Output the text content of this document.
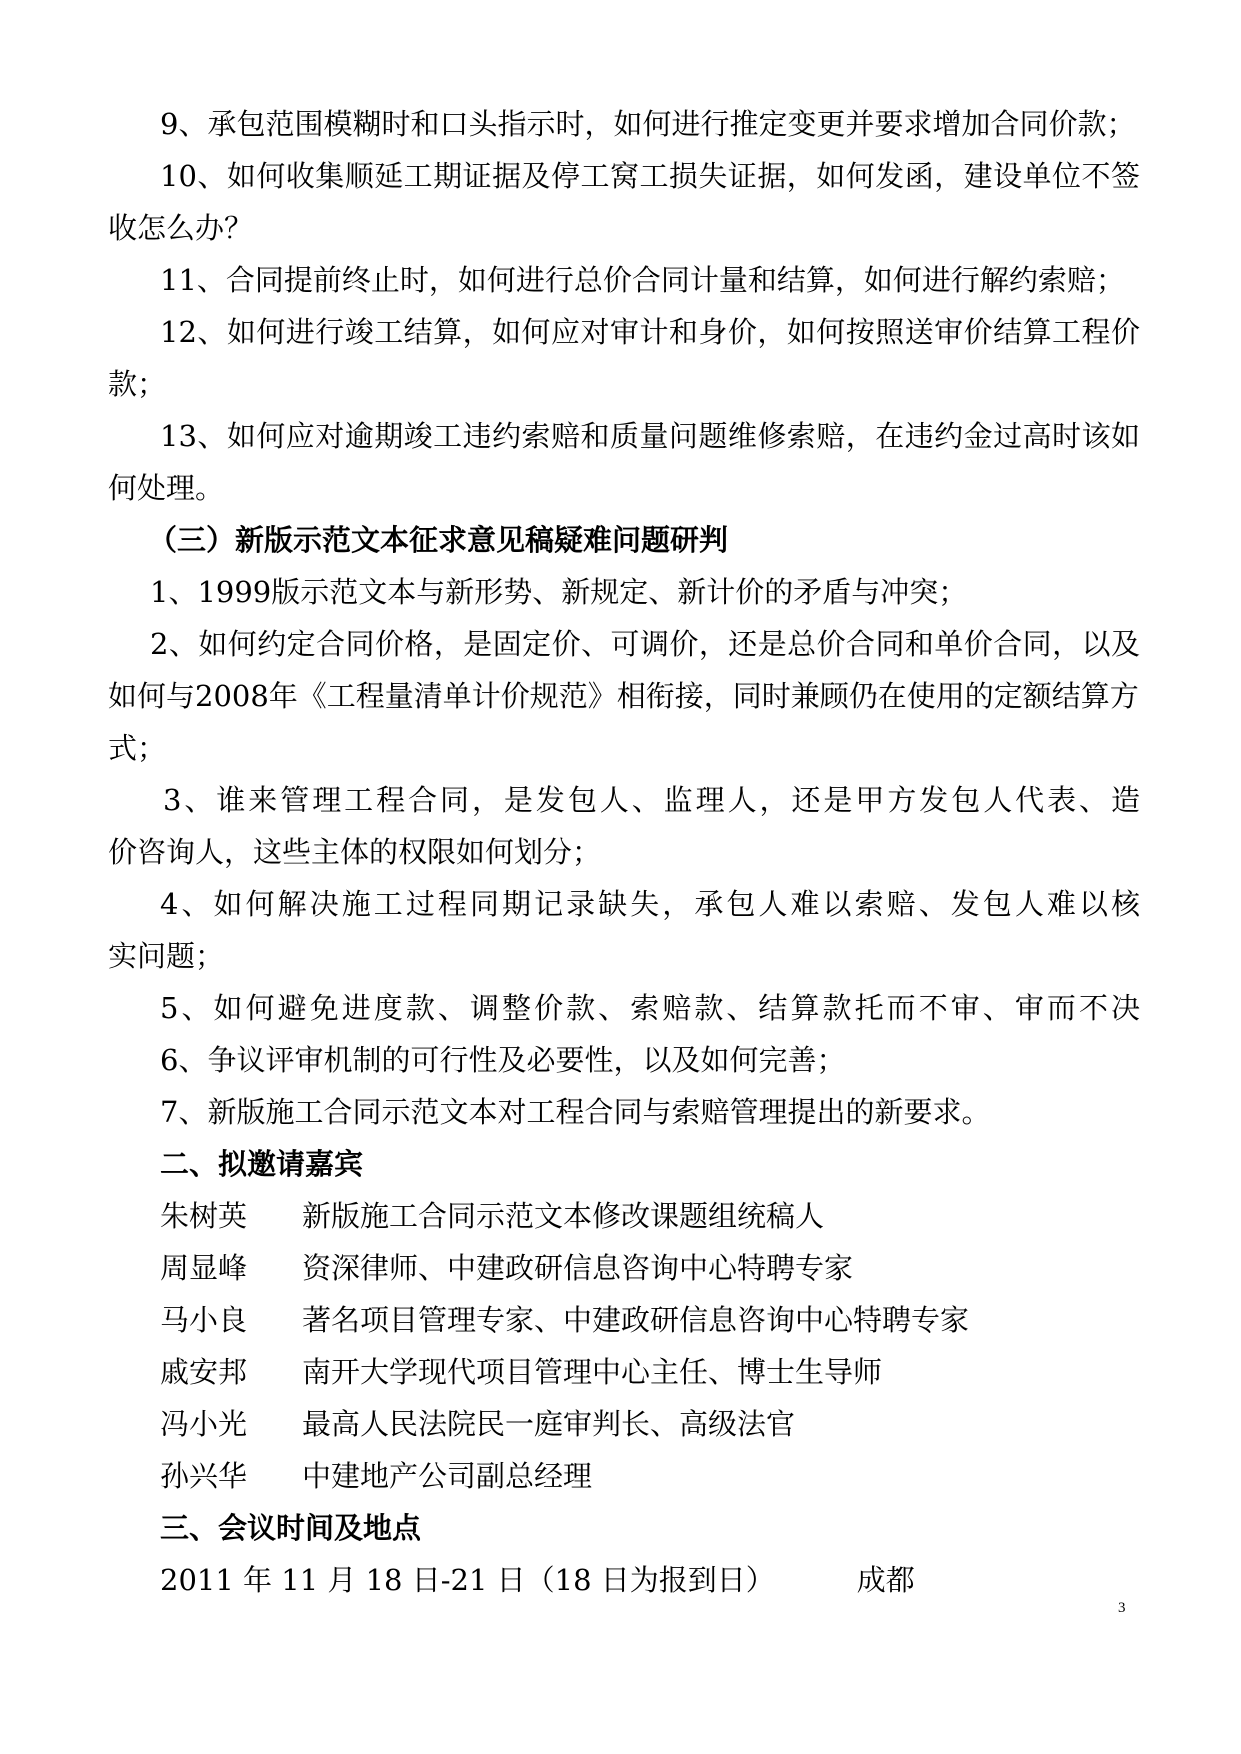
9、承包范围模糊时和口头指示时，如何进行推定变更并要求增加合同价款；
10、如何收集顺延工期证据及停工窝工损失证据，如何发函，建设单位不签
收怎么办？
11、合同提前终止时，如何进行总价合同计量和结算，如何进行解约索赔；
12、如何进行竣工结算，如何应对审计和身价，如何按照送审价结算工程价
款；
13、如何应对逾期竣工违约索赔和质量问题维修索赔，在违约金过高时该如
何处理。
（三）新版示范文本征求意见稿疑难问题研判
1、1999版示范文本与新形势、新规定、新计价的矛盾与冲突；
2、如何约定合同价格，是固定价、可调价，还是总价合同和单价合同，以及
如何与2008年《工程量清单计价规范》相衔接，同时兼顾仍在使用的定额结算方
式；
3、谁来管理工程合同，是发包人、监理人，还是甲方发包人代表、造
价咨询人，这些主体的权限如何划分；
4、如何解决施工过程同期记录缺失，承包人难以索赔、发包人难以核
实问题；
5、如何避免进度款、调整价款、索赔款、结算款托而不审、审而不决
6、争议评审机制的可行性及必要性，以及如何完善；
7、新版施工合同示范文本对工程合同与索赔管理提出的新要求。
二、拟邀请嘉宾
朱树英 新版施工合同示范文本修改课题组统稿人
周显峰 资深律师、中建政研信息咨询中心特聘专家
马小良 著名项目管理专家、中建政研信息咨询中心特聘专家
戚安邦 南开大学现代项目管理中心主任、博士生导师
冯小光 最高人民法院民一庭审判长、高级法官
孙兴华 中建地产公司副总经理
三、会议时间及地点
2011 年 11 月 18 日-21 日（18 日为报到日）	成都
3
